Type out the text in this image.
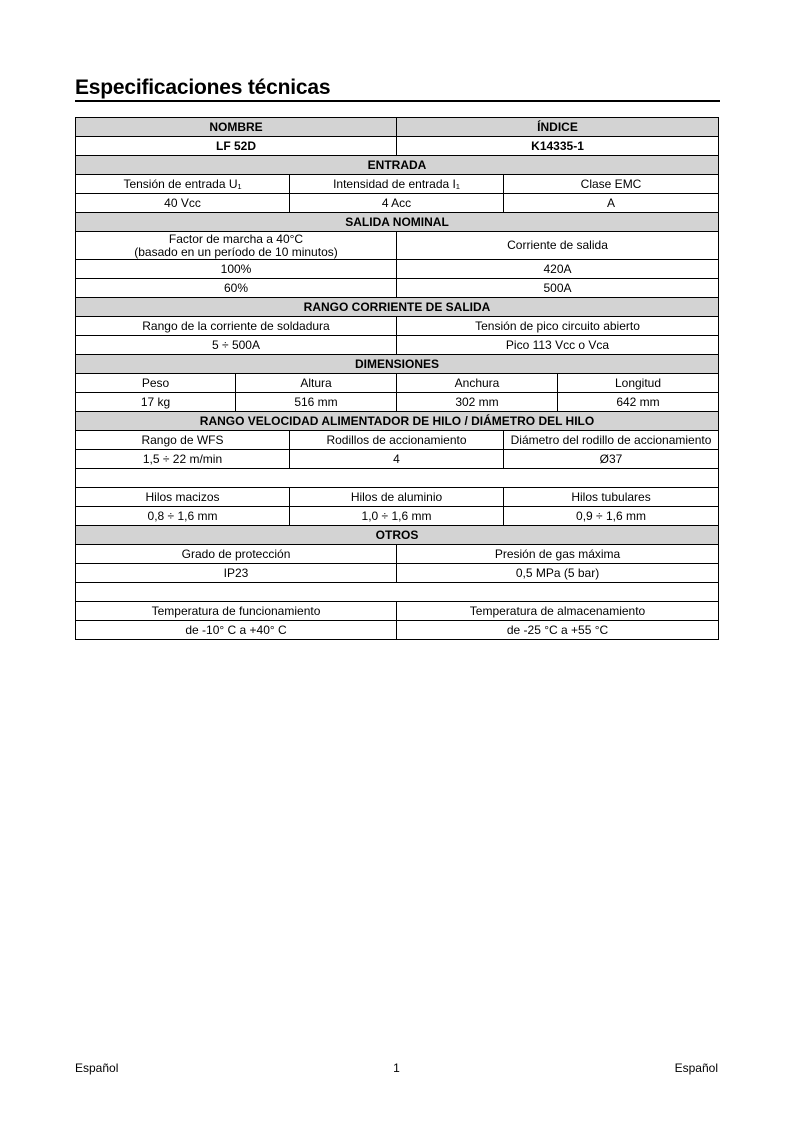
Especificaciones técnicas
NOMBRE			ÍNDICE		
LF 52D			K14335-1		
ENTRADA					
Tensión de entrada U₁		Intensidad de entrada I₁		Clase EMC	
40 Vcc		4 Acc		A	
SALIDA NOMINAL					

Factor de marcha a 40°C
(basado en un período de 10 minutos)			Corriente de salida		
100%			420A		
60%			500A		
RANGO CORRIENTE DE SALIDA					
Rango de la corriente de soldadura			Tensión de pico circuito abierto		
5 ÷ 500A			Pico 113 Vcc o Vca		
DIMENSIONES					
Peso	Altura		Anchura		Longitud
17 kg	516 mm		302 mm		642 mm
RANGO VELOCIDAD ALIMENTADOR DE HILO / DIÁMETRO DEL HILO					
Rango de WFS		Rodillos de accionamiento		Diámetro del rodillo de accionamiento	
1,5 ÷ 22 m/min		4		Ø37	

Hilos macizos		Hilos de aluminio		Hilos tubulares	
0,8 ÷ 1,6 mm		1,0 ÷ 1,6 mm		0,9 ÷ 1,6 mm	
OTROS					
Grado de protección			Presión de gas máxima		
IP23			0,5 MPa (5 bar)		

Temperatura de funcionamiento			Temperatura de almacenamiento		
de -10° C a +40° C			de -25 °C a +55 °C		
Español	1	Español
